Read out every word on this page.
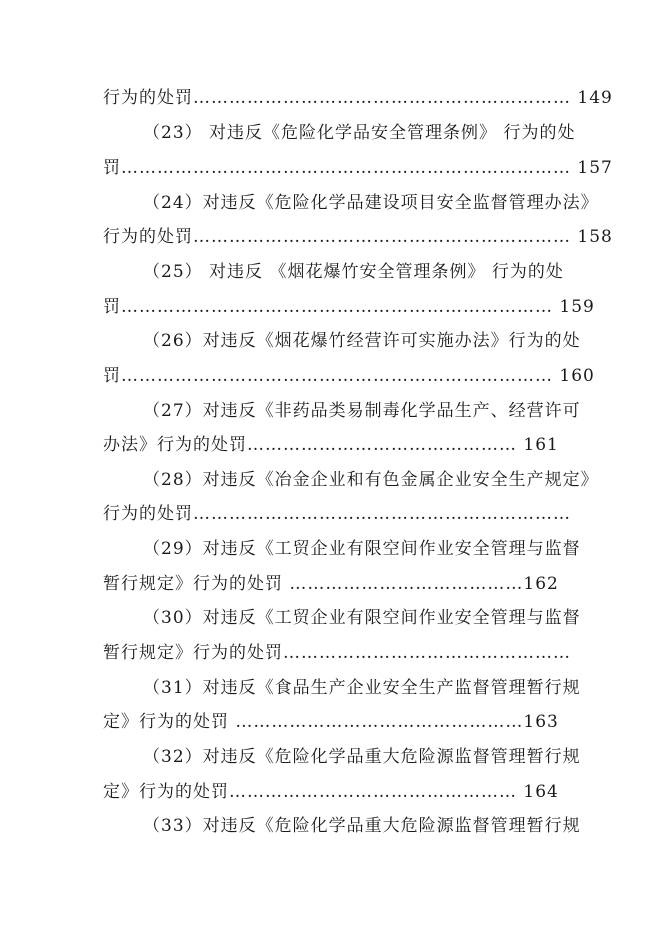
行为的处罚……………………………………………………… 149
（23） 对违反《危险化学品安全管理条例》 行为的处
罚………………………………………………………………… 157
（24）对违反《危险化学品建设项目安全监督管理办法》
行为的处罚……………………………………………………… 158
（25） 对违反 《烟花爆竹安全管理条例》 行为的处
罚……………………………………………………………… 159
（26）对违反《烟花爆竹经营许可实施办法》行为的处
罚……………………………………………………………… 160
（27）对违反《非药品类易制毒化学品生产、经营许可
办法》行为的处罚……………………………………… 161
（28）对违反《冶金企业和有色金属企业安全生产规定》
行为的处罚………………………………………………………
（29）对违反《工贸企业有限空间作业安全管理与监督
暂行规定》行为的处罚 …………………………………162
（30）对违反《工贸企业有限空间作业安全管理与监督
暂行规定》行为的处罚…………………………………………
（31）对违反《食品生产企业安全生产监督管理暂行规
定》行为的处罚 …………………………………………163
（32）对违反《危险化学品重大危险源监督管理暂行规
定》行为的处罚………………………………………… 164
（33）对违反《危险化学品重大危险源监督管理暂行规
